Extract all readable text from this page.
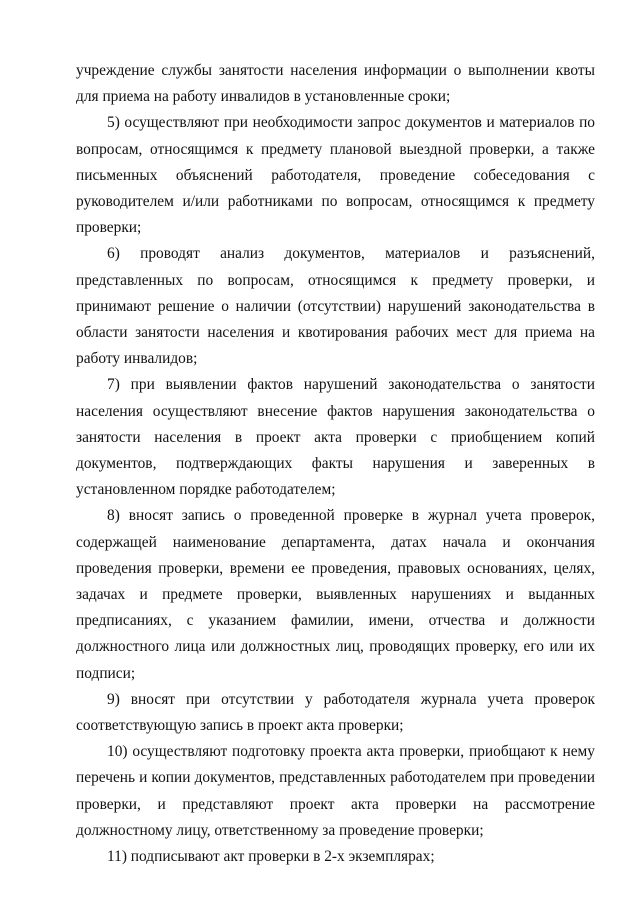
учреждение службы занятости населения информации о выполнении квоты для приема на работу инвалидов в установленные сроки;

5) осуществляют при необходимости запрос документов и материалов по вопросам, относящимся к предмету плановой выездной проверки, а также письменных объяснений работодателя, проведение собеседования с руководителем и/или работниками по вопросам, относящимся к предмету проверки;

6) проводят анализ документов, материалов и разъяснений, представленных по вопросам, относящимся к предмету проверки, и принимают решение о наличии (отсутствии) нарушений законодательства в области занятости населения и квотирования рабочих мест для приема на работу инвалидов;

7) при выявлении фактов нарушений законодательства о занятости населения осуществляют внесение фактов нарушения законодательства о занятости населения в проект акта проверки с приобщением копий документов, подтверждающих факты нарушения и заверенных в установленном порядке работодателем;

8) вносят запись о проведенной проверке в журнал учета проверок, содержащей наименование департамента, датах начала и окончания проведения проверки, времени ее проведения, правовых основаниях, целях, задачах и предмете проверки, выявленных нарушениях и выданных предписаниях, с указанием фамилии, имени, отчества и должности должностного лица или должностных лиц, проводящих проверку, его или их подписи;

9) вносят при отсутствии у работодателя журнала учета проверок соответствующую запись в проект акта проверки;

10) осуществляют подготовку проекта акта проверки, приобщают к нему перечень и копии документов, представленных работодателем при проведении проверки, и представляют проект акта проверки на рассмотрение должностному лицу, ответственному за проведение проверки;

11) подписывают акт проверки в 2-х экземплярах;
